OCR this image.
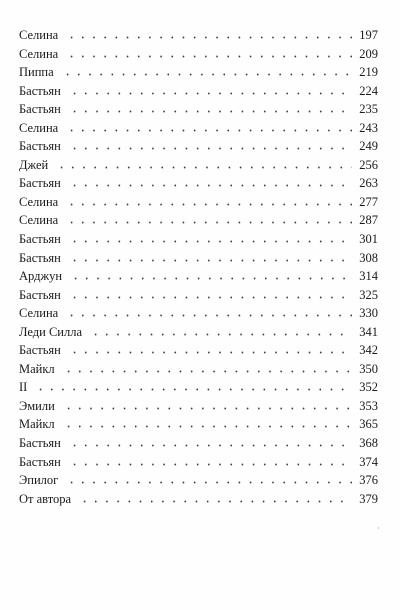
Селина	197
Селина	209
Пиппа	219
Бастьян	224
Бастьян	235
Селина	243
Бастьян	249
Джей	256
Бастьян	263
Селина	277
Селина	287
Бастьян	301
Бастьян	308
Арджун	314
Бастьян	325
Селина	330
Леди Силла	341
Бастьян	342
Майкл	350
II	352
Эмили	353
Майкл	365
Бастьян	368
Бастьян	374
Эпилог	376
От автора	379
